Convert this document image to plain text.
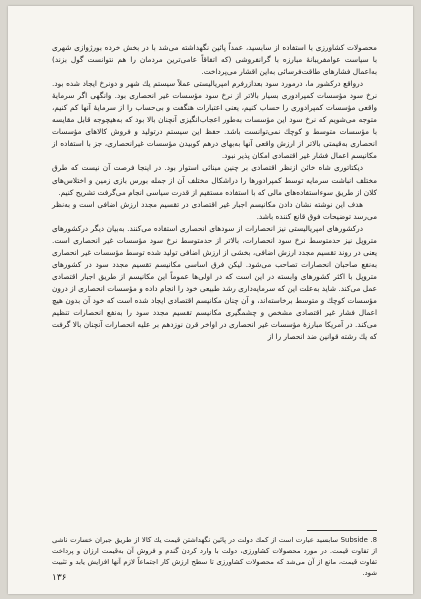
محصولات کشاورزی با استفاده از سابسید، عمداً پائین نگهداشته می‌شد با در بخش خرده بورژوازی شهری با سیاست عوامفریبانهٔ مبارزه با گرانفروشی (که اتفاقاً عامی‌ترین مردمان را هم نتوانست گول بزند) به‌اعمال فشارهای طاقت‌فرسائی به‌این اقشار می‌پرداخت.

درواقع درکشور ما، درمورد سود بعدازرفرم امپریالیستی عملاً سیستم یك شهر و دونرخ ایجاد شده بود. نرخ سود مؤسسات کمپرادوری بسیار بالاتر از نرخ سود مؤسسات غیر انحصاری بود. وانگهی اگر سرمایهٔ واقعی مؤسسات کمپرادوری را حساب کنیم، یعنی اعتبارات هنگفت و بی‌حساب را از سرمایهٔ آنها کم کنیم، متوجه می‌شویم که نرخ سود این مؤسسات به‌طور اعجاب‌انگیزی آنچنان بالا بود که به‌هیچوجه قابل مقایسه با مؤسسات متوسط و کوچك نمی‌توانست باشد. حفظ این سیستم درتولید و فروش کالاهای مؤسسات انحصاری به‌قیمتی بالاتر از ارزش واقعی آنها به‌بهای درهم کوبیدن مؤسسات غیرانحصاری، جز با استفاده از مکانیسم اعمال فشار غیر اقتصادی امکان پذیر نبود.

دیکتاتوری شاه خائن ازنظر اقتصادی بر چنین مبنائی استوار بود. در اینجا فرصت آن نیست که طرق مختلف انباشت سرمایه توسط کمپرادورها را دراشکال مختلف آن از جمله بورس بازی زمین و اختلاس‌های کلان از طریق سوءاستفاده‌های مالی که با استفاده مستقیم از قدرت سیاسی انجام می‌گرفت تشریح کنیم.

هدف این نوشته نشان دادن مکانیسم اجبار غیر اقتصادی در تقسیم مجدد ارزش اضافی است و به‌نظر می‌رسد توضیحات فوق قانع کننده باشد.

درکشورهای امپریالیستی نیز انحصارات از سودهای انحصاری استفاده می‌کنند. به‌بیان دیگر درکشورهای متروپل نیز حدمتوسط نرخ سود انحصارات، بالاتر از حدمتوسط نرخ سود مؤسسات غیر انحصاری است. یعنی در روند تقسیم مجدد ارزش اضافی، بخشی از ارزش اضافی تولید شده توسط مؤسسات غیر انحصاری به‌نفع صاحبان انحصارات تصاحب می‌شود. لیکن فرق اساسی مکانیسم تقسیم مجدد سود در کشورهای متروپل با اکثر کشورهای وابسته در این است که در اولی‌ها عموماً این مکانیسم از طریق اجبار اقتصادی عمل می‌کند. شاید به‌علت این که سرمایه‌داری رشد طبیعی خود را انجام داده و مؤسسات انحصاری از درون مؤسسات کوچك و متوسط برخاسته‌اند، و آن چنان مکانیسم اقتصادی ایجاد شده است که خود آن بدون هیچ اعمال فشار غیر اقتصادی مشخص و چشمگیری مکانیسم تقسیم مجدد سود را به‌نفع انحصارات تنظیم می‌کند. در آمریکا مبارزهٔ مؤسسات غیر انحصاری در اواخر قرن نوزدهم بر علیه انحصارات آنچنان بالا گرفت که یك رشته قوانین ضد انحصار را از

Subside .8 سابسید عبارت است از کمك دولت در پائین نگهداشتن قیمت یك کالا از طریق جبران خسارت ناشی از تفاوت قیمت. در مورد محصولات کشاورزی، دولت با وارد کردن گندم و فروش آن به‌قیمت ارزان و پرداخت تفاوت قیمت، مانع از آن می‌شد که محصولات کشاورزی تا سطح ارزش کار اجتماعاً لازم آنها افزایش یابد و تثبیت شود.
۱۳۶
